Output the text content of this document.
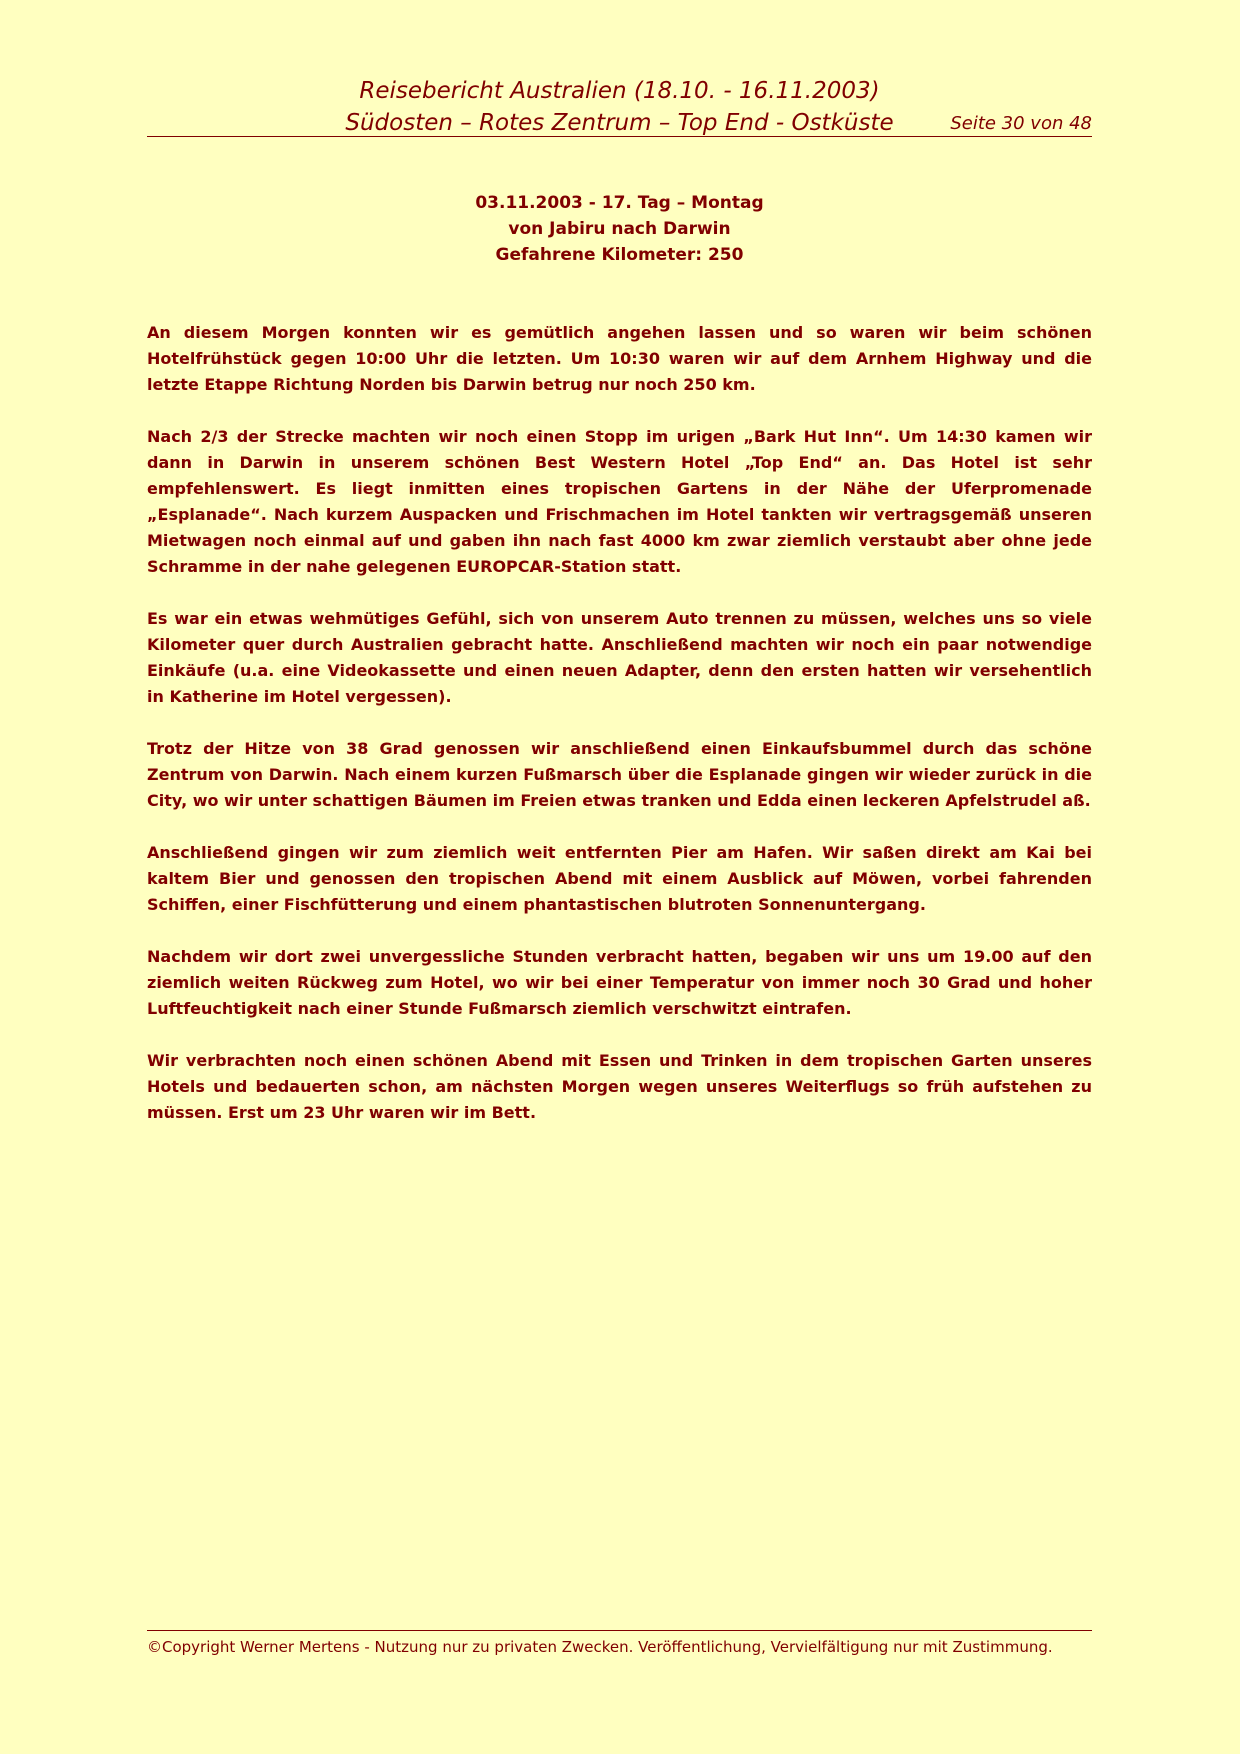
Reisebericht Australien (18.10. - 16.11.2003)
Südosten – Rotes Zentrum – Top End - Ostküste	Seite 30 von 48
03.11.2003 - 17. Tag – Montag
von Jabiru nach Darwin
Gefahrene Kilometer: 250

An diesem Morgen konnten wir es gemütlich angehen lassen und so waren wir beim schönen Hotelfrühstück gegen 10:00 Uhr die letzten. Um 10:30 waren wir auf dem Arnhem Highway und die letzte Etappe Richtung Norden bis Darwin betrug nur noch 250 km.

Nach 2/3 der Strecke machten wir noch einen Stopp im urigen „Bark Hut Inn“. Um 14:30 kamen wir dann in Darwin in unserem schönen Best Western Hotel „Top End“ an. Das Hotel ist sehr empfehlenswert. Es liegt inmitten eines tropischen Gartens in der Nähe der Uferpromenade „Esplanade“. Nach kurzem Auspacken und Frischmachen im Hotel tankten wir vertragsgemäß unseren Mietwagen noch einmal auf und gaben ihn nach fast 4000 km zwar ziemlich verstaubt aber ohne jede Schramme in der nahe gelegenen EUROPCAR-Station statt.

Es war ein etwas wehmütiges Gefühl, sich von unserem Auto trennen zu müssen, welches uns so viele Kilometer quer durch Australien gebracht hatte. Anschließend machten wir noch ein paar notwendige Einkäufe (u.a. eine Videokassette und einen neuen Adapter, denn den ersten hatten wir versehentlich in Katherine im Hotel vergessen).

Trotz der Hitze von 38 Grad genossen wir anschließend einen Einkaufsbummel durch das schöne Zentrum von Darwin. Nach einem kurzen Fußmarsch über die Esplanade gingen wir wieder zurück in die City, wo wir unter schattigen Bäumen im Freien etwas tranken und Edda einen leckeren Apfelstrudel aß.

Anschließend gingen wir zum ziemlich weit entfernten Pier am Hafen. Wir saßen direkt am Kai bei kaltem Bier und genossen den tropischen Abend mit einem Ausblick auf Möwen, vorbei fahrenden Schiffen, einer Fischfütterung und einem phantastischen blutroten Sonnenuntergang.

Nachdem wir dort zwei unvergessliche Stunden verbracht hatten, begaben wir uns um 19.00 auf den ziemlich weiten Rückweg zum Hotel, wo wir bei einer Temperatur von immer noch 30 Grad und hoher Luftfeuchtigkeit nach einer Stunde Fußmarsch ziemlich verschwitzt eintrafen.

Wir verbrachten noch einen schönen Abend mit Essen und Trinken in dem tropischen Garten unseres Hotels und bedauerten schon, am nächsten Morgen wegen unseres Weiterflugs so früh aufstehen zu müssen. Erst um 23 Uhr waren wir im Bett.

©Copyright Werner Mertens - Nutzung nur zu privaten Zwecken. Veröffentlichung, Vervielfältigung nur mit Zustimmung.
